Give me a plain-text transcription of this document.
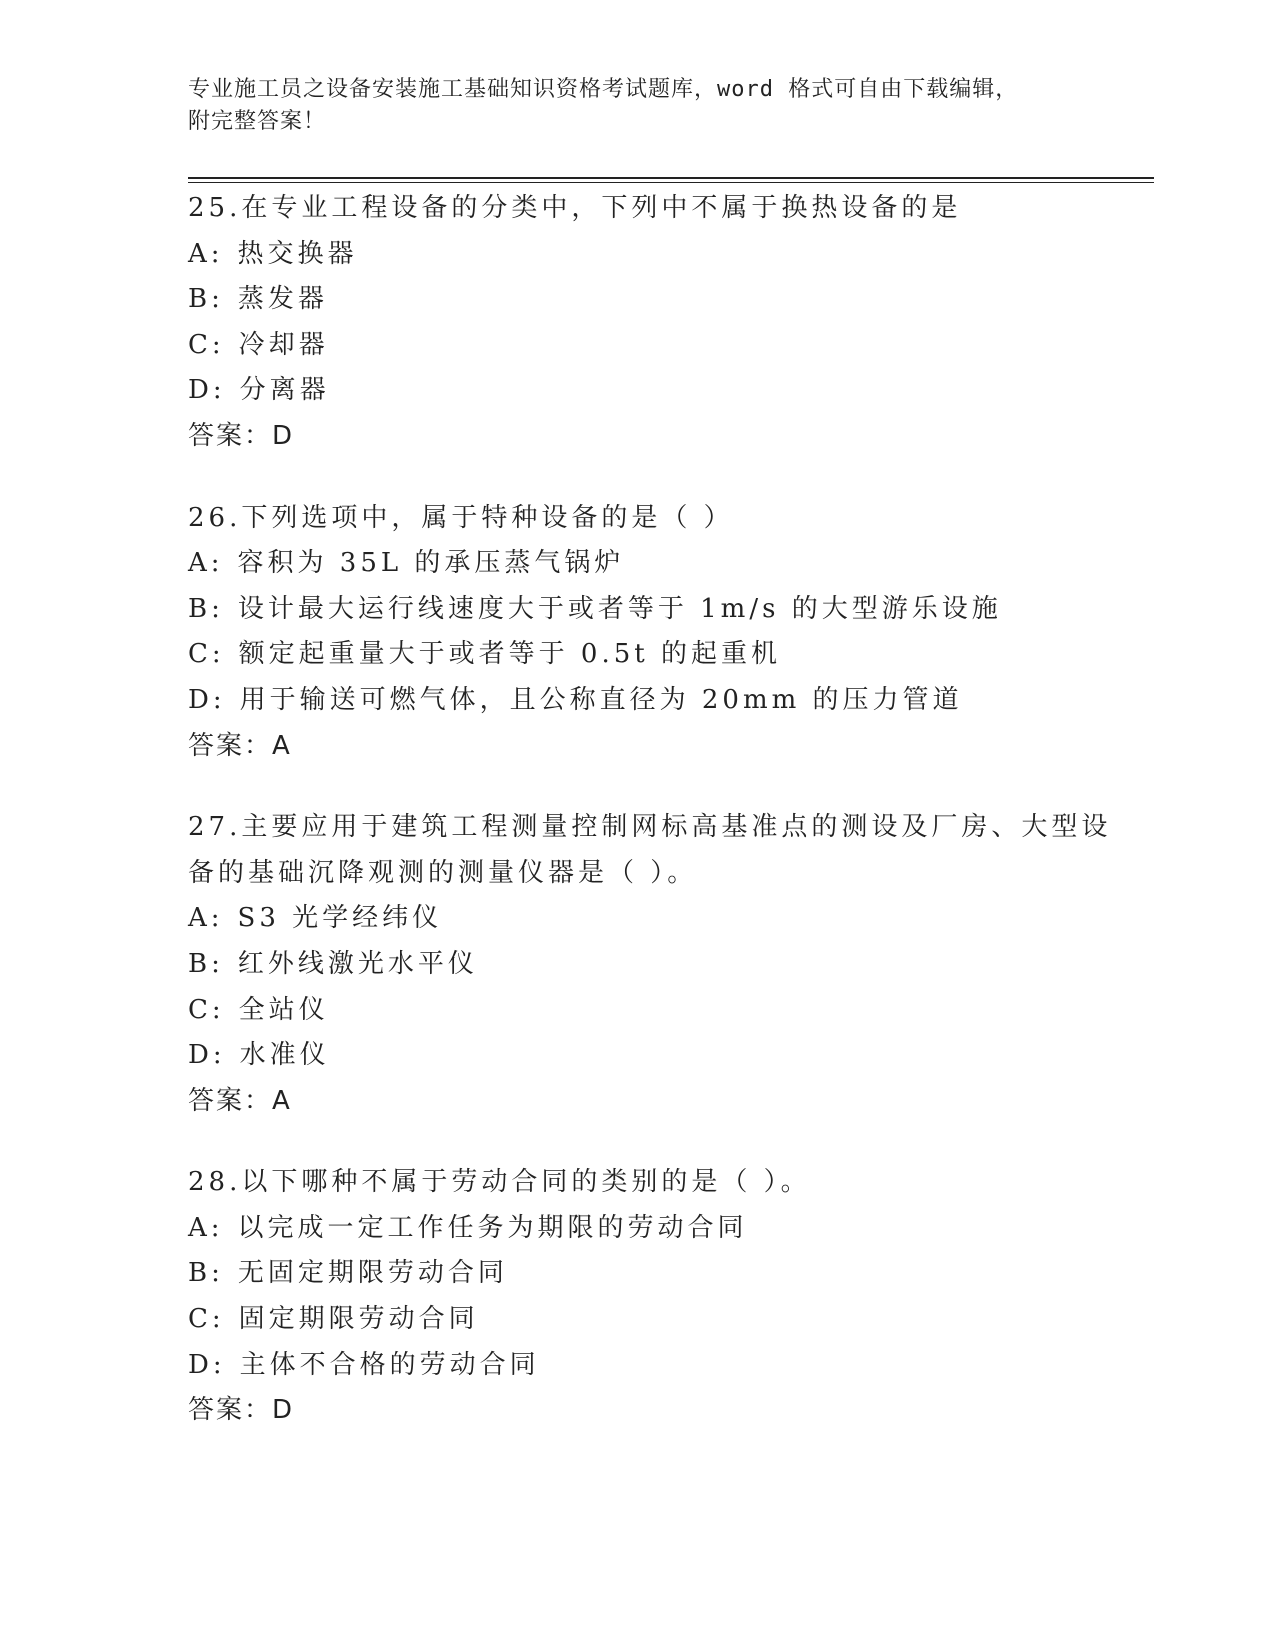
专业施工员之设备安装施工基础知识资格考试题库，word 格式可自由下载编辑，
附完整答案！
25.在专业工程设备的分类中，下列中不属于换热设备的是
A: 热交换器
B: 蒸发器
C: 冷却器
D: 分离器
答案：D
26.下列选项中，属于特种设备的是（ ）
A: 容积为 35L 的承压蒸气锅炉
B: 设计最大运行线速度大于或者等于 1m/s 的大型游乐设施
C: 额定起重量大于或者等于 0.5t 的起重机
D: 用于输送可燃气体，且公称直径为 20mm 的压力管道
答案：A
27.主要应用于建筑工程测量控制网标高基准点的测设及厂房、大型设
备的基础沉降观测的测量仪器是（ ）。
A: S3 光学经纬仪
B: 红外线激光水平仪
C: 全站仪
D: 水准仪
答案：A
28.以下哪种不属于劳动合同的类别的是（ ）。
A: 以完成一定工作任务为期限的劳动合同
B: 无固定期限劳动合同
C: 固定期限劳动合同
D: 主体不合格的劳动合同
答案：D
